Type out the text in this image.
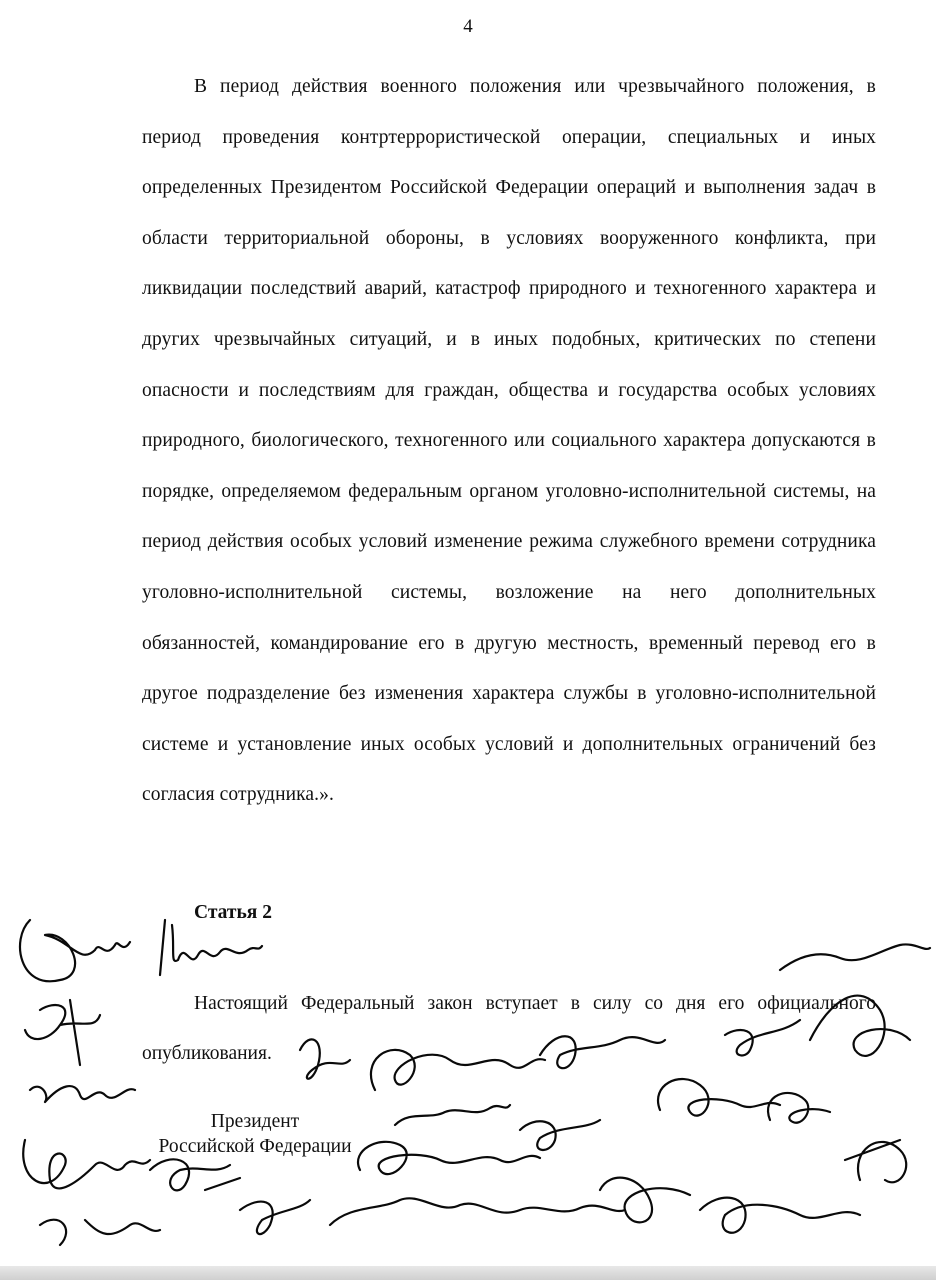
4

В период действия военного положения или чрезвычайного положения, в период проведения контртеррористической операции, специальных и иных определенных Президентом Российской Федерации операций и выполнения задач в области территориальной обороны, в условиях вооруженного конфликта, при ликвидации последствий аварий, катастроф природного и техногенного характера и других чрезвычайных ситуаций, и в иных подобных, критических по степени опасности и последствиям для граждан, общества и государства особых условиях природного, биологического, техногенного или социального характера допускаются в порядке, определяемом федеральным органом уголовно-исполнительной системы, на период действия особых условий изменение режима служебного времени сотрудника уголовно-исполнительной системы, возложение на него дополнительных обязанностей, командирование его в другую местность, временный перевод его в другое подразделение без изменения характера службы в уголовно-исполнительной системе и установление иных особых условий и дополнительных ограничений без согласия сотрудника.».

Статья 2

Настоящий Федеральный закон вступает в силу со дня его официального опубликования.

Президент
Российской Федерации
